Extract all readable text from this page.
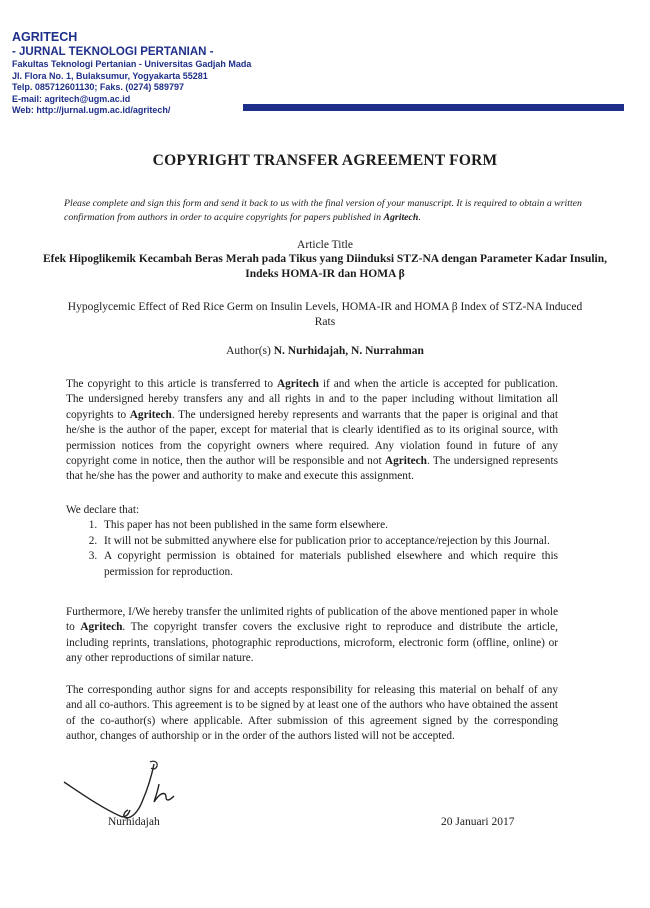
AGRITECH
- JURNAL TEKNOLOGI PERTANIAN -
Fakultas Teknologi Pertanian - Universitas Gadjah Mada
Jl. Flora No. 1, Bulaksumur, Yogyakarta 55281
Telp. 085712601130; Faks. (0274) 589797
E-mail: agritech@ugm.ac.id
Web: http://jurnal.ugm.ac.id/agritech/
COPYRIGHT TRANSFER AGREEMENT FORM
Please complete and sign this form and send it back to us with the final version of your manuscript. It is required to obtain a written confirmation from authors in order to acquire copyrights for papers published in Agritech.
Article Title
Efek Hipoglikemik Kecambah Beras Merah pada Tikus yang Diinduksi STZ-NA dengan Parameter Kadar Insulin, Indeks HOMA-IR dan HOMA β
Hypoglycemic Effect of Red Rice Germ on Insulin Levels, HOMA-IR and HOMA β Index of STZ-NA Induced Rats
Author(s) N. Nurhidajah, N. Nurrahman
The copyright to this article is transferred to Agritech if and when the article is accepted for publication. The undersigned hereby transfers any and all rights in and to the paper including without limitation all copyrights to Agritech. The undersigned hereby represents and warrants that the paper is original and that he/she is the author of the paper, except for material that is clearly identified as to its original source, with permission notices from the copyright owners where required. Any violation found in future of any copyright come in notice, then the author will be responsible and not Agritech. The undersigned represents that he/she has the power and authority to make and execute this assignment.
We declare that:
1. This paper has not been published in the same form elsewhere.
2. It will not be submitted anywhere else for publication prior to acceptance/rejection by this Journal.
3. A copyright permission is obtained for materials published elsewhere and which require this permission for reproduction.
Furthermore, I/We hereby transfer the unlimited rights of publication of the above mentioned paper in whole to Agritech. The copyright transfer covers the exclusive right to reproduce and distribute the article, including reprints, translations, photographic reproductions, microform, electronic form (offline, online) or any other reproductions of similar nature.
The corresponding author signs for and accepts responsibility for releasing this material on behalf of any and all co-authors. This agreement is to be signed by at least one of the authors who have obtained the assent of the co-author(s) where applicable. After submission of this agreement signed by the corresponding author, changes of authorship or in the order of the authors listed will not be accepted.
Nurhidajah	20 Januari 2017
